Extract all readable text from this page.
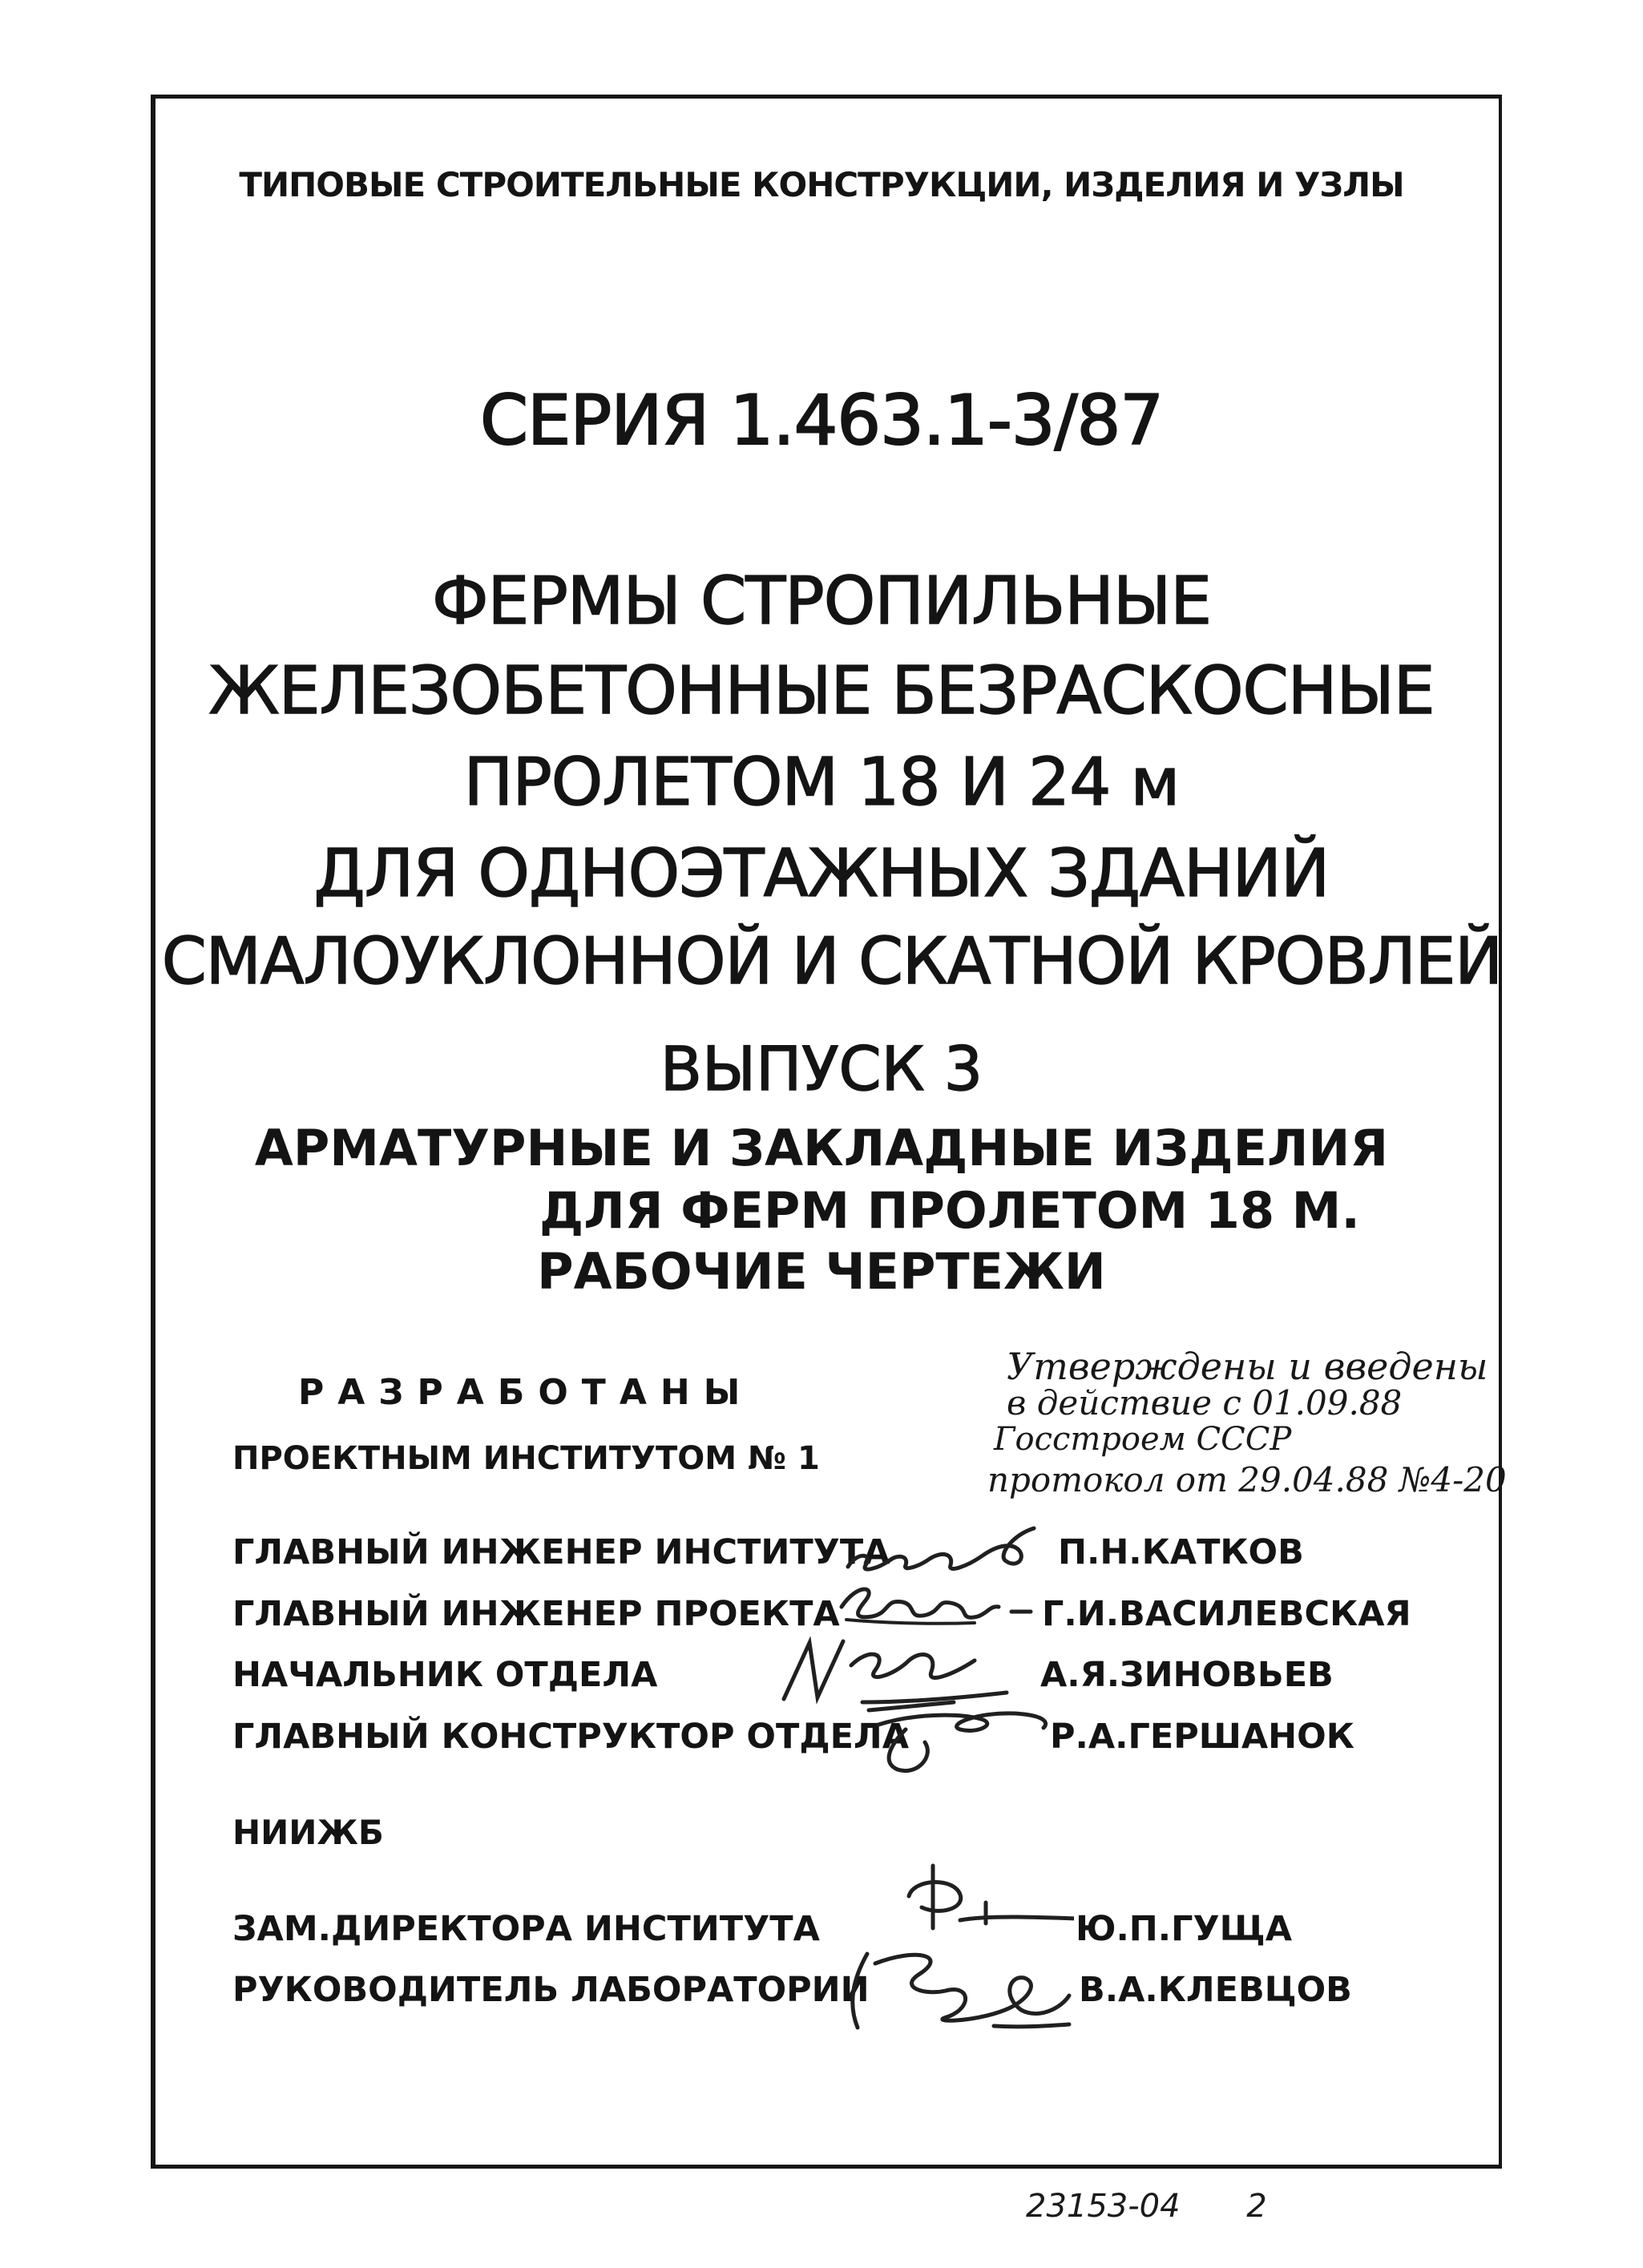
ТИПОВЫЕ СТРОИТЕЛЬНЫЕ КОНСТРУКЦИИ, ИЗДЕЛИЯ И УЗЛЫ
СЕРИЯ 1.463.1-3/87
ФЕРМЫ СТРОПИЛЬНЫЕ
ЖЕЛЕЗОБЕТОННЫЕ БЕЗРАСКОСНЫЕ
ПРОЛЕТОМ 18 И 24 м
ДЛЯ ОДНОЭТАЖНЫХ ЗДАНИЙ
СМАЛОУКЛОННОЙ И СКАТНОЙ КРОВЛЕЙ
ВЫПУСК 3
АРМАТУРНЫЕ И ЗАКЛАДНЫЕ ИЗДЕЛИЯ
ДЛЯ ФЕРМ ПРОЛЕТОМ 18 М.
РАБОЧИЕ ЧЕРТЕЖИ
РАЗРАБОТАНЫ
ПРОЕКТНЫМ ИНСТИТУТОМ № 1
Утверждены и введены
в действие с 01.09.88
Госстроем СССР
протокол от 29.04.88 №4-20
ГЛАВНЫЙ ИНЖЕНЕР ИНСТИТУТА	П.Н.КАТКОВ
ГЛАВНЫЙ ИНЖЕНЕР ПРОЕКТА	Г.И.ВАСИЛЕВСКАЯ
НАЧАЛЬНИК ОТДЕЛА	А.Я.ЗИНОВЬЕВ
ГЛАВНЫЙ КОНСТРУКТОР ОТДЕЛА	Р.А.ГЕРШАНОК
НИИЖБ
ЗАМ.ДИРЕКТОРА ИНСТИТУТА	Ю.П.ГУЩА
РУКОВОДИТЕЛЬ ЛАБОРАТОРИИ	В.А.КЛЕВЦОВ
23153-04 2
